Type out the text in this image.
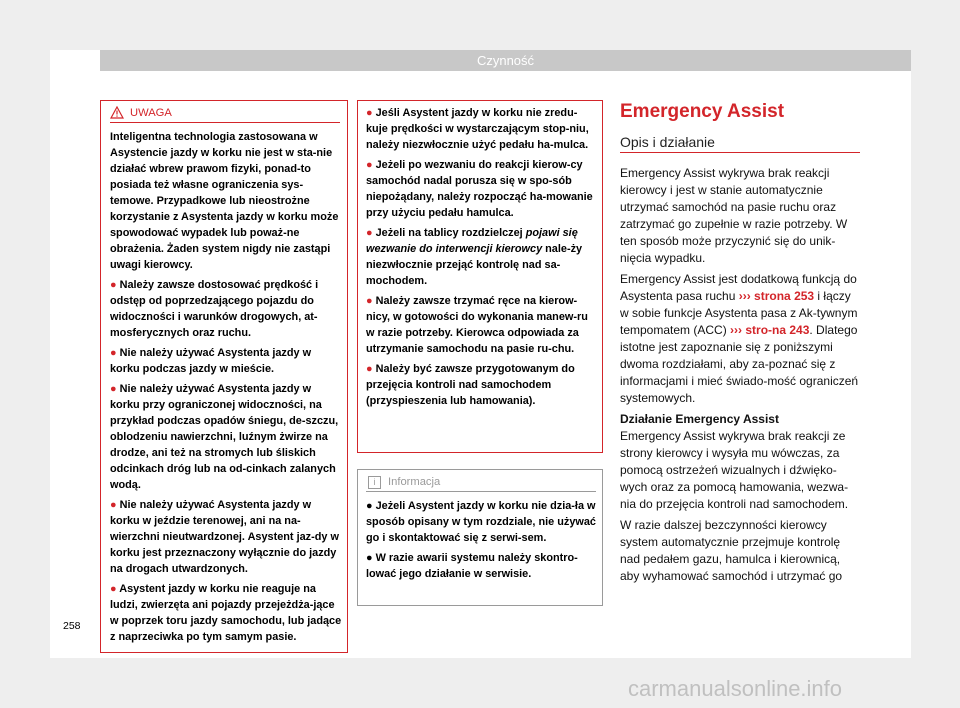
Czynność
UWAGA

Inteligentna technologia zastosowana w Asystencie jazdy w korku nie jest w sta-nie działać wbrew prawom fizyki, ponad-to posiada też własne ograniczenia sys-temowe. Przypadkowe lub nieostrożne korzystanie z Asystenta jazdy w korku może spowodować wypadek lub poważ-ne obrażenia. Żaden system nigdy nie zastąpi uwagi kierowcy.

● Należy zawsze dostosować prędkość i odstęp od poprzedzającego pojazdu do widoczności i warunków drogowych, at-mosferycznych oraz ruchu.

● Nie należy używać Asystenta jazdy w korku podczas jazdy w mieście.

● Nie należy używać Asystenta jazdy w korku przy ograniczonej widoczności, na przykład podczas opadów śniegu, de-szczu, oblodzeniu nawierzchni, luźnym żwirze na drodze, ani też na stromych lub śliskich odcinkach dróg lub na od-cinkach zalanych wodą.

● Nie należy używać Asystenta jazdy w korku w jeździe terenowej, ani na na-wierzchni nieutwardzonej. Asystent jaz-dy w korku jest przeznaczony wyłącznie do jazdy na drogach utwardzonych.

● Asystent jazdy w korku nie reaguje na ludzi, zwierzęta ani pojazdy przejeżdża-jące w poprzek toru jazdy samochodu, lub jadące z naprzeciwka po tym samym pasie.

● Jeśli Asystent jazdy w korku nie zredu-kuje prędkości w wystarczającym stop-niu, należy niezwłocznie użyć pedału ha-mulca.

● Jeżeli po wezwaniu do reakcji kierow-cy samochód nadal porusza się w spo-sób niepożądany, należy rozpocząć ha-mowanie przy użyciu pedału hamulca.

● Jeżeli na tablicy rozdzielczej pojawi się wezwanie do interwencji kierowcy nale-ży niezwłocznie przejąć kontrolę nad sa-mochodem.

● Należy zawsze trzymać ręce na kierow-nicy, w gotowości do wykonania manew-ru w razie potrzeby. Kierowca odpowiada za utrzymanie samochodu na pasie ru-chu.

● Należy być zawsze przygotowanym do przejęcia kontroli nad samochodem (przyspieszenia lub hamowania).

i	Informacja

● Jeżeli Asystent jazdy w korku nie dzia-ła w sposób opisany w tym rozdziale, nie używać go i skontaktować się z serwi-sem.

● W razie awarii systemu należy skontro-lować jego działanie w serwisie.

Emergency Assist
Opis i działanie

Emergency Assist wykrywa brak reakcji kierowcy i jest w stanie automatycznie utrzymać samochód na pasie ruchu oraz zatrzymać go zupełnie w razie potrzeby. W ten sposób może przyczynić się do unik-nięcia wypadku.

Emergency Assist jest dodatkową funkcją do Asystenta pasa ruchu ››› strona 253 i łączy w sobie funkcje Asystenta pasa z Ak-tywnym tempomatem (ACC) ››› stro-na 243. Dlatego istotne jest zapoznanie się z poniższymi dwoma rozdziałami, aby za-poznać się z informacjami i mieć świado-mość ograniczeń systemowych.

Działanie Emergency Assist

Emergency Assist wykrywa brak reakcji ze strony kierowcy i wysyła mu wówczas, za pomocą ostrzeżeń wizualnych i dźwięko-wych oraz za pomocą hamowania, wezwa-nia do przejęcia kontroli nad samochodem.

W razie dalszej bezczynności kierowcy system automatycznie przejmuje kontrolę nad pedałem gazu, hamulca i kierownicą, aby wyhamować samochód i utrzymać go

258
carmanualsonline.info
